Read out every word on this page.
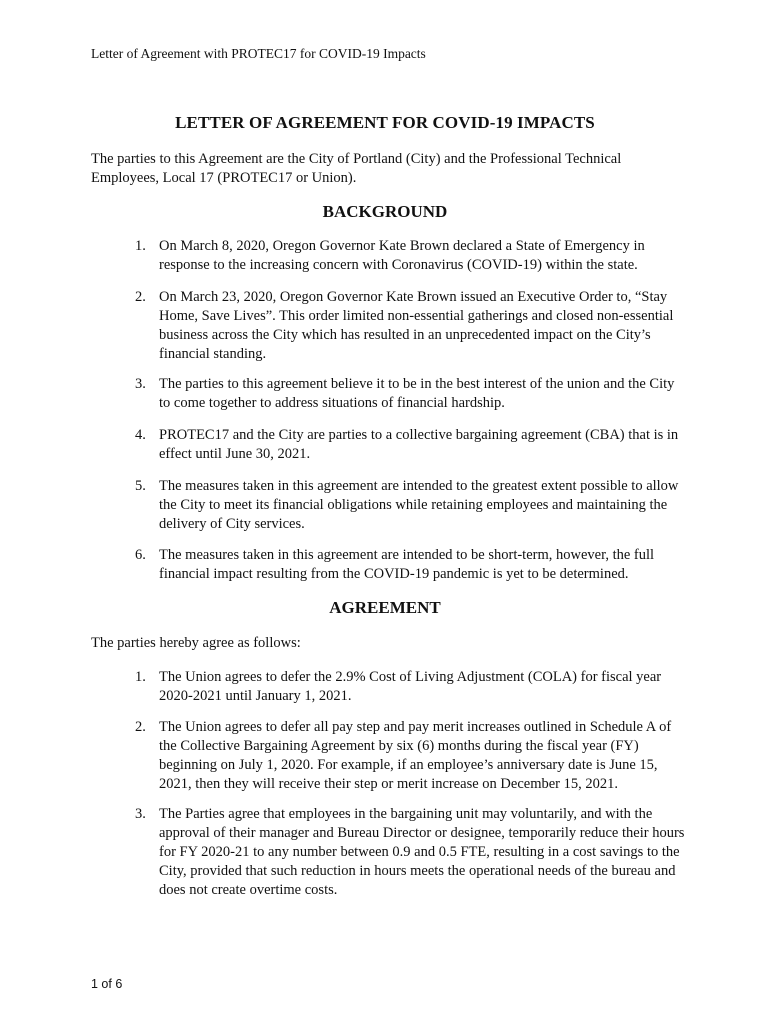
Letter of Agreement with PROTEC17 for COVID-19 Impacts
LETTER OF AGREEMENT FOR COVID-19 IMPACTS
The parties to this Agreement are the City of Portland (City) and the Professional Technical Employees, Local 17 (PROTEC17 or Union).
BACKGROUND
1. On March 8, 2020, Oregon Governor Kate Brown declared a State of Emergency in response to the increasing concern with Coronavirus (COVID-19) within the state.
2. On March 23, 2020, Oregon Governor Kate Brown issued an Executive Order to, “Stay Home, Save Lives”. This order limited non-essential gatherings and closed non-essential business across the City which has resulted in an unprecedented impact on the City’s financial standing.
3. The parties to this agreement believe it to be in the best interest of the union and the City to come together to address situations of financial hardship.
4. PROTEC17 and the City are parties to a collective bargaining agreement (CBA) that is in effect until June 30, 2021.
5. The measures taken in this agreement are intended to the greatest extent possible to allow the City to meet its financial obligations while retaining employees and maintaining the delivery of City services.
6. The measures taken in this agreement are intended to be short-term, however, the full financial impact resulting from the COVID-19 pandemic is yet to be determined.
AGREEMENT
The parties hereby agree as follows:
1. The Union agrees to defer the 2.9% Cost of Living Adjustment (COLA) for fiscal year 2020-2021 until January 1, 2021.
2. The Union agrees to defer all pay step and pay merit increases outlined in Schedule A of the Collective Bargaining Agreement by six (6) months during the fiscal year (FY) beginning on July 1, 2020. For example, if an employee’s anniversary date is June 15, 2021, then they will receive their step or merit increase on December 15, 2021.
3. The Parties agree that employees in the bargaining unit may voluntarily, and with the approval of their manager and Bureau Director or designee, temporarily reduce their hours for FY 2020-21 to any number between 0.9 and 0.5 FTE, resulting in a cost savings to the City, provided that such reduction in hours meets the operational needs of the bureau and does not create overtime costs.
1 of 6
